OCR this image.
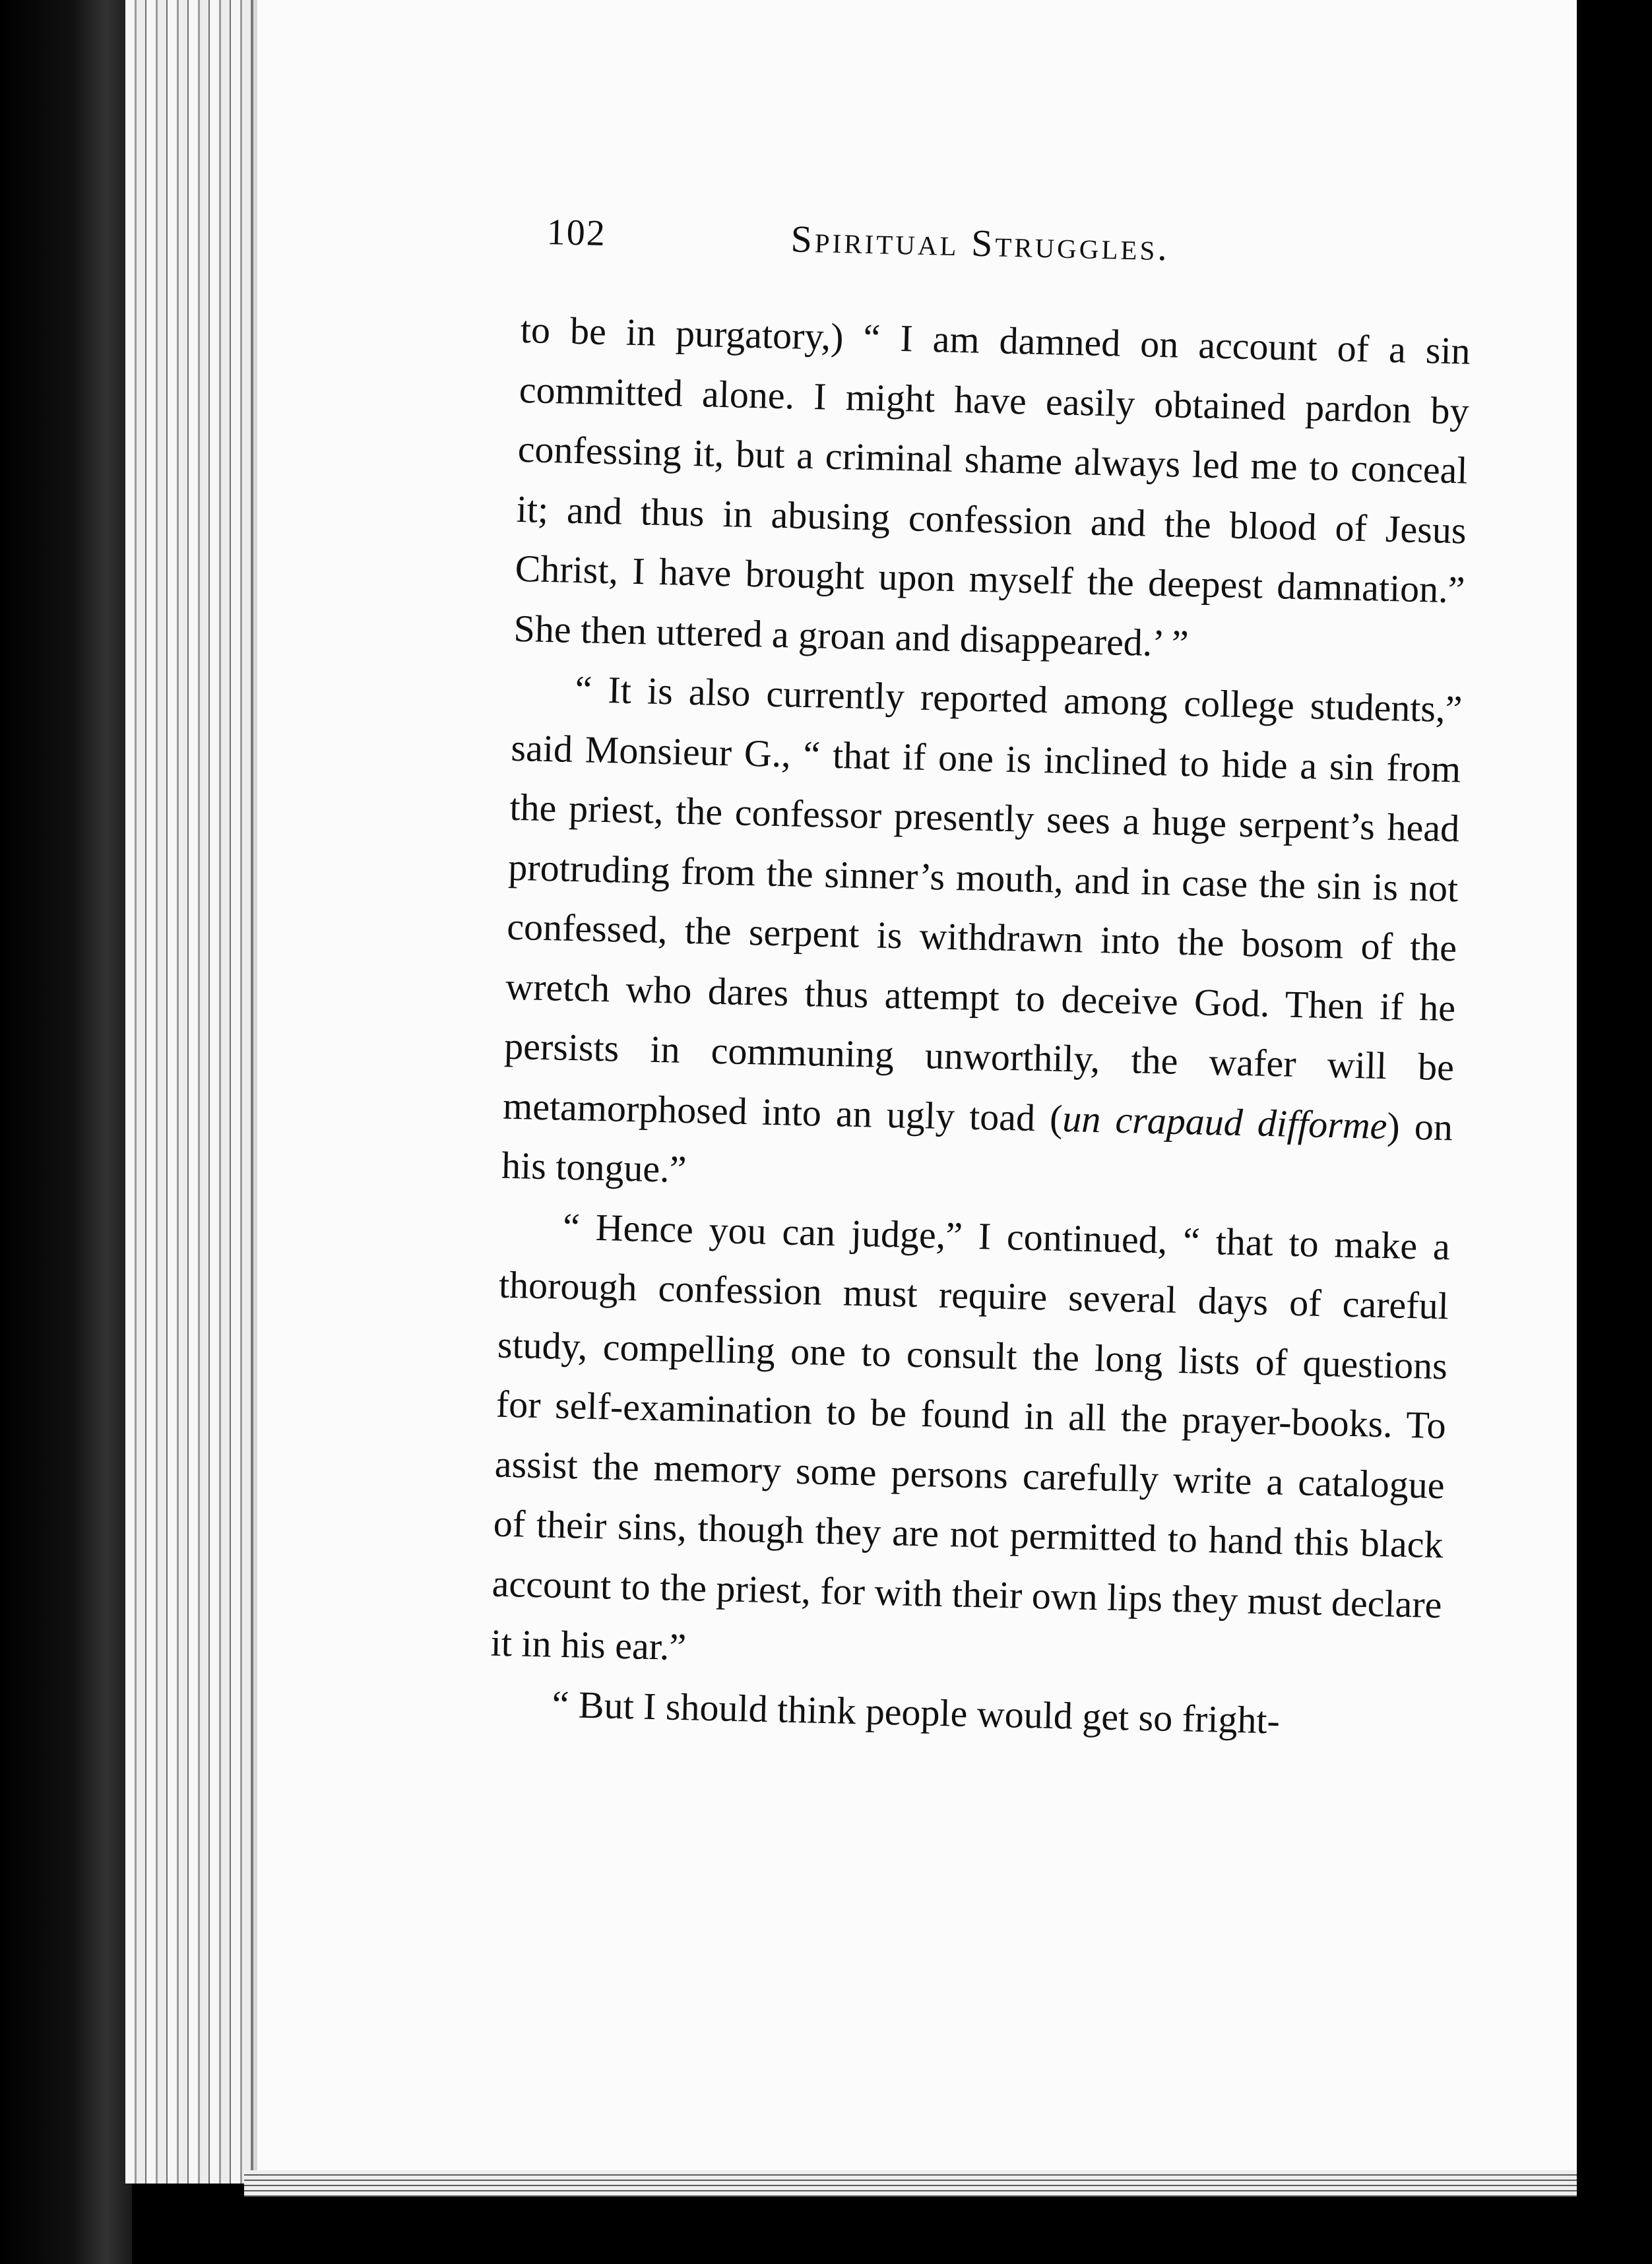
102	Spiritual Struggles.

to be in purgatory,) “ I am damned on account of a sin committed alone. I might have easily obtained pardon by confessing it, but a criminal shame always led me to conceal it; and thus in abusing confession and the blood of Jesus Christ, I have brought upon myself the deepest damnation.” She then uttered a groan and disappeared.’ ”

“ It is also currently reported among college students,” said Monsieur G., “ that if one is inclined to hide a sin from the priest, the confessor presently sees a huge serpent’s head protruding from the sinner’s mouth, and in case the sin is not confessed, the serpent is withdrawn into the bosom of the wretch who dares thus attempt to deceive God. Then if he persists in communing unworthily, the wafer will be metamorphosed into an ugly toad (un crapaud difforme) on his tongue.”

“ Hence you can judge,” I continued, “ that to make a thorough confession must require several days of careful study, compelling one to consult the long lists of questions for self-examination to be found in all the prayer-books. To assist the memory some persons carefully write a catalogue of their sins, though they are not permitted to hand this black account to the priest, for with their own lips they must declare it in his ear.”

“ But I should think people would get so fright-
